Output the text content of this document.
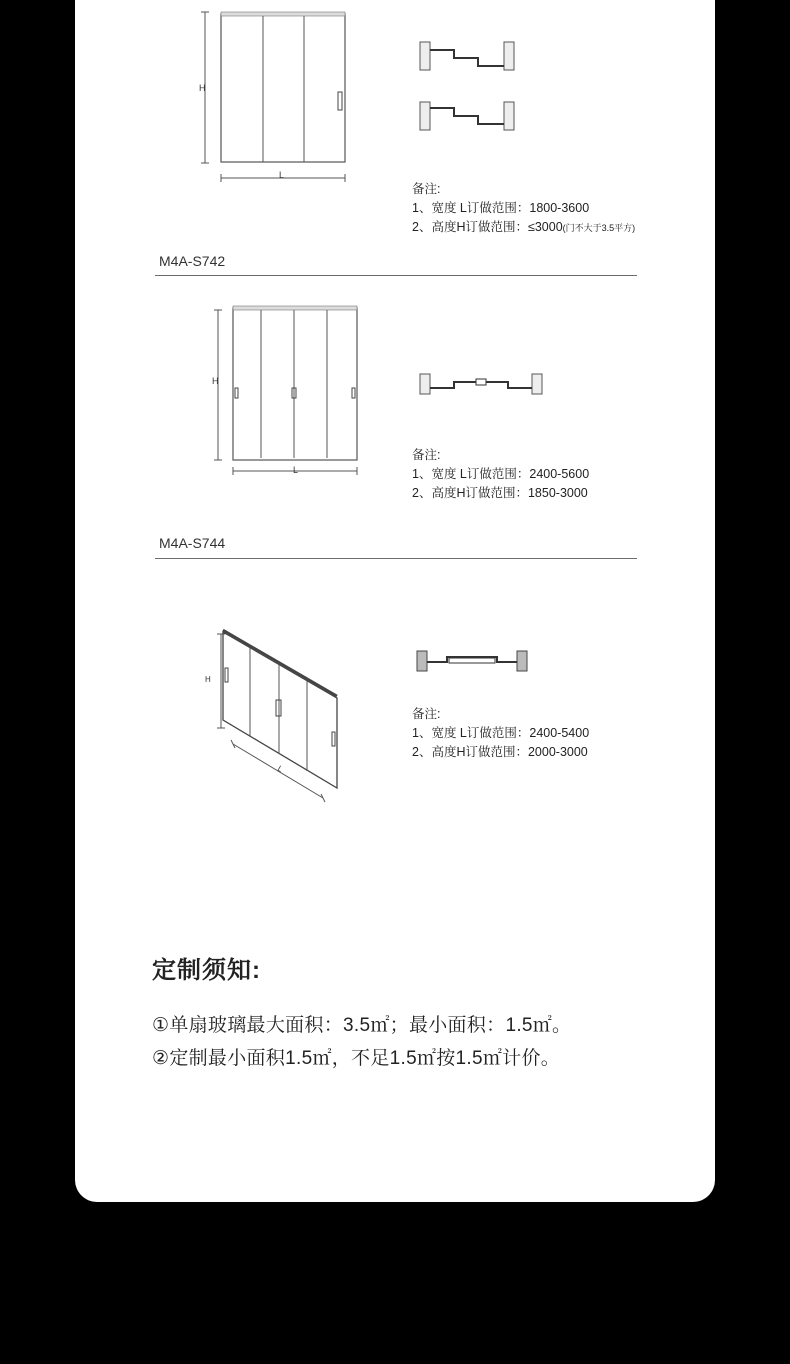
H
L
备注:
1、宽度 L订做范围：1800-3600
2、高度H订做范围：≤3000(门不大于3.5平方)
M4A-S742
H
L
备注:
1、宽度 L订做范围：2400-5600
2、高度H订做范围：1850-3000
M4A-S744
H
L
备注:
1、宽度 L订做范围：2400-5400
2、高度H订做范围：2000-3000
定制须知:
①单扇玻璃最大面积：3.5㎡；最小面积：1.5㎡。
②定制最小面积1.5㎡，不足1.5㎡按1.5㎡计价。
